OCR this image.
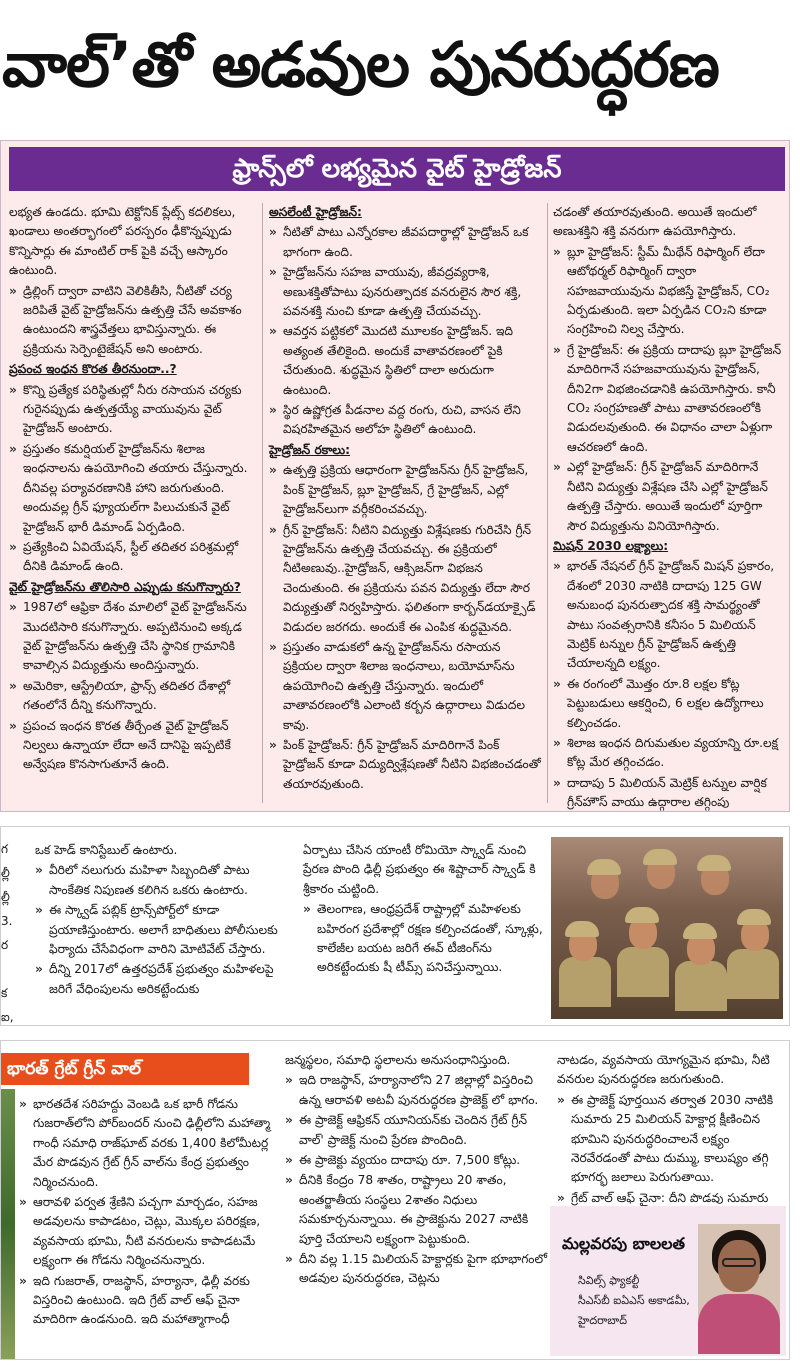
వాల్‌’తో అడవుల పునరుద్ధరణ
ఫ్రాన్స్‌లో లభ్యమైన వైట్ హైడ్రోజన్

లభ్యత ఉండదు. భూమి టెక్టోనిక్ ప్లేట్స్ కదలికలు, ఖండాలు అంతర్భాగంలో పరస్పరం ఢీకొన్నప్పుడు కొన్నిసార్లు ఈ మాంటిల్ రాక్ పైకి వచ్చే ఆస్కారం ఉంటుంది.

» డ్రిల్లింగ్ ద్వారా వాటిని వెలికితీసి, నీటితో చర్య జరిపితే వైట్ హైడ్రోజన్‌ను ఉత్పత్తి చేసే అవకాశం ఉంటుందని శాస్త్రవేత్తలు భావిస్తున్నారు. ఈ ప్రక్రియను సెర్పెంటైజేషన్ అని అంటారు.

ప్రపంచ ఇంధన కొరత తీరనుందా..?

» కొన్ని ప్రత్యేక పరిస్థితుల్లో నీరు రసాయన చర్యకు గురైనప్పుడు ఉత్పత్తయ్యే వాయువును వైట్ హైడ్రోజన్ అంటారు.

» ప్రస్తుతం కమర్షియల్ హైడ్రోజన్‌ను శిలాజ ఇంధనాలను ఉపయోగించి తయారు చేస్తున్నారు. దీనివల్ల పర్యావరణానికి హాని జరుగుతుంది. అందువల్ల గ్రీన్ ఫ్యూయల్‌గా పిలుచుకునే వైట్ హైడ్రోజన్ భారీ డిమాండ్ ఏర్పడింది.

» ప్రత్యేకించి ఏవియేషన్, స్టీల్ తదితర పరిశ్రమల్లో దీనికి డిమాండ్ ఉంది.

వైట్ హైడ్రోజన్‌ను తొలిసారి ఎప్పుడు కనుగొన్నారు?

» 1987లో ఆఫ్రికా దేశం మాలిలో వైట్ హైడ్రోజన్‌ను మొదటిసారి కనుగొన్నారు. అప్పటినుంచి అక్కడ వైట్ హైడ్రోజన్‌ను ఉత్పత్తి చేసి స్థానిక గ్రామానికి కావాల్సిన విద్యుత్తును అందిస్తున్నారు.

» అమెరికా, ఆస్ట్రేలియా, ఫ్రాన్స్ తదితర దేశాల్లో గతంలోనే దీన్ని కనుగొన్నారు.

» ప్రపంచ ఇంధన కొరత తీర్చేంత వైట్ హైడ్రోజన్ నిల్వలు ఉన్నాయా లేదా అనే దానిపై ఇప్పటికే అన్వేషణ కొనసాగుతూనే ఉంది.

అసలేంటీ హైడ్రోజన్:

» నీటితో పాటు ఎన్నోరకాల జీవపదార్థాల్లో హైడ్రోజన్ ఒక భాగంగా ఉంది.

» హైడ్రోజన్‌ను సహజ వాయువు, జీవద్రవ్యరాశి, అణుశక్తితోపాటు పునరుత్పాదక వనరులైన సౌర శక్తి, పవనశక్తి నుంచి కూడా ఉత్పత్తి చేయవచ్చు.

» ఆవర్తన పట్టికలో మొదటి మూలకం హైడ్రోజన్. ఇది అత్యంత తేలికైంది. అందుకే వాతావరణంలో పైకి చేరుతుంది. శుద్ధమైన స్థితిలో దాలా అరుదుగా ఉంటుంది.

» స్థిర ఉష్ణోగ్రత పీడనాల వద్ద రంగు, రుచి, వాసన లేని విషరహితమైన అలోహ స్థితిలో ఉంటుంది.

హైడ్రోజన్ రకాలు:

» ఉత్పత్తి ప్రక్రియ ఆధారంగా హైడ్రోజన్‌ను గ్రీన్ హైడ్రోజన్, పింక్ హైడ్రోజన్, బ్లూ హైడ్రోజన్, గ్రే హైడ్రోజన్, ఎల్లో హైడ్రోజన్‌లుగా వర్గీకరించవచ్చు.

» గ్రీన్ హైడ్రోజన్: నీటిని విద్యుత్తు విశ్లేషణకు గురిచేసి గ్రీన్ హైడ్రోజన్‌ను ఉత్పత్తి చేయవచ్చు. ఈ ప్రక్రియలో నీటిఅణువు..హైడ్రోజన్, ఆక్సిజన్‌గా విభజన చెందుతుంది. ఈ ప్రక్రియను పవన విద్యుత్తు లేదా సౌర విద్యుత్తుతో నిర్వహిస్తారు. ఫలితంగా కార్బన్‌డయాక్సైడ్ విడుదల జరగదు. అందుకే ఈ ఎంపిక శుద్ధమైనది.

» ప్రస్తుతం వాడుకలో ఉన్న హైడ్రోజన్‌ను రసాయన ప్రక్రియల ద్వారా శిలాజ ఇంధనాలు, బయోమాస్‌ను ఉపయోగించి ఉత్పత్తి చేస్తున్నారు. ఇందులో వాతావరణంలోకి ఎలాంటి కర్బన ఉద్గారాలు విడుదల కావు.

» పింక్ హైడ్రోజన్: గ్రీన్ హైడ్రోజన్ మాదిరిగానే పింక్ హైడ్రోజన్ కూడా విద్యుద్విశ్లేషణతో నీటిని విభజించడంతో తయారవుతుంది.

చడంతో తయారవుతుంది. అయితే ఇందులో అణుశక్తిని శక్తి వనరుగా ఉపయోగిస్తారు.

» బ్లూ హైడ్రోజన్: స్టీమ్ మీథేన్ రిఫార్మింగ్ లేదా ఆటోథర్మల్ రిఫార్మింగ్ ద్వారా సహజవాయువును విభజిస్తే హైడ్రోజన్, CO₂ ఏర్పడుతుంది. ఇలా ఏర్పడిన CO₂ని కూడా సంగ్రహించి నిల్వ చేస్తారు.

» గ్రే హైడ్రోజన్: ఈ ప్రక్రియ దాదాపు బ్లూ హైడ్రోజన్ మాదిరిగానే సహజవాయువును హైడ్రోజన్, దీని2గా విభజించడానికి ఉపయోగిస్తారు. కానీ CO₂ సంగ్రహణతో పాటు వాతావరణంలోకి విడుదలవుతుంది. ఈ విధానం చాలా ఏళ్లుగా ఆచరణలో ఉంది.

» ఎల్లో హైడ్రోజన్: గ్రీన్ హైడ్రోజన్ మాదిరిగానే నీటిని విద్యుత్తు విశ్లేషణ చేసి ఎల్లో హైడ్రోజన్ ఉత్పత్తి చేస్తారు. అయితే ఇందులో పూర్తిగా సౌర విద్యుత్తును వినియోగిస్తారు.

మిషన్ 2030 లక్ష్యాలు:

» భారత్ నేషనల్ గ్రీన్ హైడ్రోజన్ మిషన్ ప్రకారం, దేశంలో 2030 నాటికి దాదాపు 125 GW అనుబంధ పునరుత్పాదక శక్తి సామర్థ్యంతో పాటు సంవత్సరానికి కనీసం 5 మిలియన్ మెట్రిక్ టన్నుల గ్రీన్ హైడ్రోజన్ ఉత్పత్తి చేయాలన్నది లక్ష్యం.

» ఈ రంగంలో మొత్తం రూ.8 లక్షల కోట్ల పెట్టుబడులు ఆకర్షించి, 6 లక్షల ఉద్యోగాలు కల్పించడం.

» శిలాజ ఇంధన దిగుమతుల వ్యయాన్ని రూ.లక్ష కోట్ల మేర తగ్గించడం.

» దాదాపు 5 మిలియన్ మెట్రిక్ టన్నుల వార్షిక గ్రీన్‌హౌస్ వాయు ఉద్గారాల తగ్గింపు

గ
ల్లీ
ల్లీ
3.
ర

క
ఐ,

ఒక హెడ్ కానిస్టేబుల్ ఉంటారు.

» వీరిలో నలుగురు మహిళా సిబ్బందితో పాటు సాంకేతిక నిపుణత కలిగిన ఒకరు ఉంటారు.

» ఈ స్క్వాడ్ పబ్లిక్ ట్రాన్స్‌పోర్ట్‌లో కూడా ప్రయాణిస్తుంటారు. అలాగే బాధితులు పోలీసులకు ఫిర్యాదు చేసేవిధంగా వారిని మోటివేట్ చేస్తారు.

» దీన్ని 2017లో ఉత్తరప్రదేశ్ ప్రభుత్వం మహిళలపై జరిగే వేధింపులను అరికట్టేందుకు

ఏర్పాటు చేసిన యాంటీ రోమియో స్క్వాడ్ నుంచి ప్రేరణ పొంది ఢిల్లీ ప్రభుత్వం ఈ శిష్టాచార్ స్క్వాడ్ కి శ్రీకారం చుట్టింది.

» తెలంగాణ, ఆంధ్రప్రదేశ్ రాష్ట్రాల్లో మహిళలకు బహిరంగ ప్రదేశాల్లో రక్షణ కల్పించడంతో, స్కూళ్లు, కాలేజీల బయట జరిగే ఈవ్ టీజింగ్‌ను అరికట్టేందుకు షీ టీమ్స్ పనిచేస్తున్నాయి.

భారత్ గ్రేట్ గ్రీన్ వాల్

» భారతదేశ సరిహద్దు వెంబడి ఒక భారీ గోడను గుజరాత్‌లోని పోర్‌బందర్ నుంచి ఢిల్లీలోని మహాత్మా గాంధీ సమాధి రాజ్‌ఘాట్ వరకు 1,400 కిలోమీటర్ల మేర పొడవున గ్రేట్ గ్రీన్ వాల్‌ను కేంద్ర ప్రభుత్వం నిర్మించనుంది.

» ఆరావళి పర్వత శ్రేణిని పచ్చగా మార్చడం, సహజ అడవులను కాపాడటం, చెట్లు, మొక్కల పరిరక్షణ, వ్యవసాయ భూమి, నీటి వనరులను కాపాడటమే లక్ష్యంగా ఈ గోడను నిర్మించనున్నారు.

» ఇది గుజరాత్, రాజస్థాన్, హర్యానా, ఢిల్లీ వరకు విస్తరించి ఉంటుంది. ఇది గ్రేట్ వాల్ ఆఫ్ చైనా మాదిరిగా ఉండనుంది. ఇది మహాత్మాగాంధీ

జన్మస్థలం, సమాధి స్థలాలను అనుసంధానిస్తుంది.

» ఇది రాజస్థాన్, హర్యానాలోని 27 జిల్లాల్లో విస్తరించి ఉన్న ఆరావళి అటవీ పునరుద్ధరణ ప్రాజెక్ట్ లో భాగం.

» ఈ ప్రాజెక్ట్ ఆఫ్రికన్ యూనియన్‌కు చెందిన గ్రేట్ గ్రీన్ వాల్' ప్రాజెక్ట్ నుంచి ప్రేరణ పొందింది.

» ఈ ప్రాజెక్టు వ్యయం దాదాపు రూ. 7,500 కోట్లు.

» దీనికి కేంద్రం 78 శాతం, రాష్ట్రాలు 20 శాతం, అంతర్జాతీయ సంస్థలు 2శాతం నిధులు సమకూర్చనున్నాయి. ఈ ప్రాజెక్టును 2027 నాటికి పూర్తి చేయాలని లక్ష్యంగా పెట్టుకుంది.

» దీని వల్ల 1.15 మిలియన్ హెక్టార్లకు పైగా భూభాగంలో అడవుల పునరుద్ధరణ, చెట్లను

నాటడం, వ్యవసాయ యోగ్యమైన భూమి, నీటి వనరుల పునరుద్ధరణ జరుగుతుంది.

» ఈ ప్రాజెక్ట్ పూర్తయిన తర్వాత 2030 నాటికి సుమారు 25 మిలియన్ హెక్టార్ల క్షీణించిన భూమిని పునరుద్ధరించాలనే లక్ష్యం నెరవేరడంతో పాటు దుమ్ము, కాలుష్యం తగ్గి భూగర్భ జలాలు పెరుగుతాయి.

» గ్రేట్ వాల్ ఆఫ్ చైనా: దీని పొడవు సుమారు

మల్లవరపు బాలలత
సివిల్స్ ఫ్యాకల్టీ
సీఎస్‌బీ ఐఏఎస్ అకాడమీ,
హైదరాబాద్
